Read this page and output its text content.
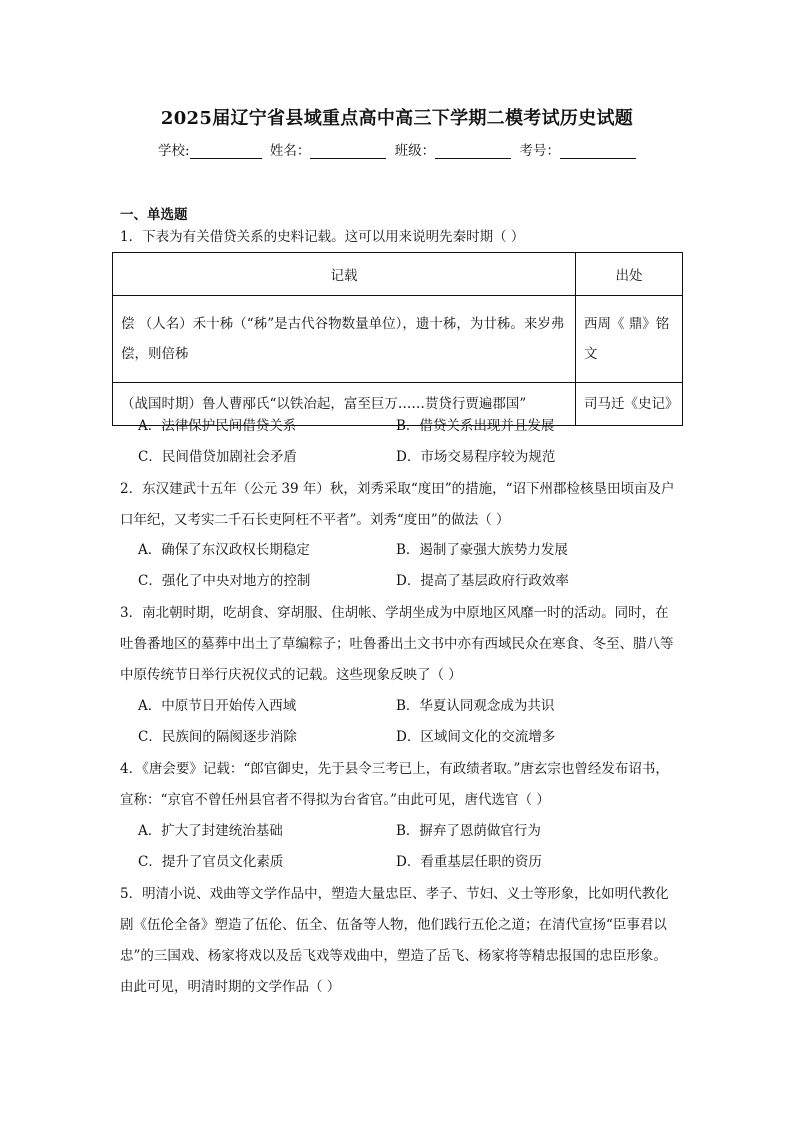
2025届辽宁省县域重点高中高三下学期二模考试历史试题
学校:	姓名：	班级：	考号：
一、单选题
1．下表为有关借贷关系的史料记载。这可以用来说明先秦时期（ ）
记载	出处
偿 （人名）禾十秭（“秭”是古代谷物数量单位），遗十秭，为廿秭。来岁弗偿，则倍秭	西周《 鼎》铭文
（战国时期）鲁人曹邴氏“以铁冶起，富至巨万……贳贷行贾遍郡国”	司马迁《史记》
A．法律保护民间借贷关系	B．借贷关系出现并且发展
C．民间借贷加剧社会矛盾	D．市场交易程序较为规范
2．东汉建武十五年（公元 39 年）秋，刘秀采取“度田”的措施，“诏下州郡检核垦田顷亩及户口年纪，又考实二千石长吏阿枉不平者”。刘秀“度田”的做法（ ）
A．确保了东汉政权长期稳定	B．遏制了豪强大族势力发展
C．强化了中央对地方的控制	D．提高了基层政府行政效率
3．南北朝时期，吃胡食、穿胡服、住胡帐、学胡坐成为中原地区风靡一时的活动。同时，在吐鲁番地区的墓葬中出土了草编粽子；吐鲁番出土文书中亦有西域民众在寒食、冬至、腊八等中原传统节日举行庆祝仪式的记载。这些现象反映了（ ）
A．中原节日开始传入西域	B．华夏认同观念成为共识
C．民族间的隔阂逐步消除	D．区域间文化的交流增多
4．《唐会要》记载：“郎官御史，先于县令三考已上，有政绩者取。”唐玄宗也曾经发布诏书，宣称：“京官不曾任州县官者不得拟为台省官。”由此可见，唐代选官（ ）
A．扩大了封建统治基础	B．摒弃了恩荫做官行为
C．提升了官员文化素质	D．看重基层任职的资历
5．明清小说、戏曲等文学作品中，塑造大量忠臣、孝子、节妇、义士等形象，比如明代教化剧《伍伦全备》塑造了伍伦、伍全、伍备等人物，他们践行五伦之道；在清代宣扬“臣事君以忠”的三国戏、杨家将戏以及岳飞戏等戏曲中，塑造了岳飞、杨家将等精忠报国的忠臣形象。由此可见，明清时期的文学作品（ ）
